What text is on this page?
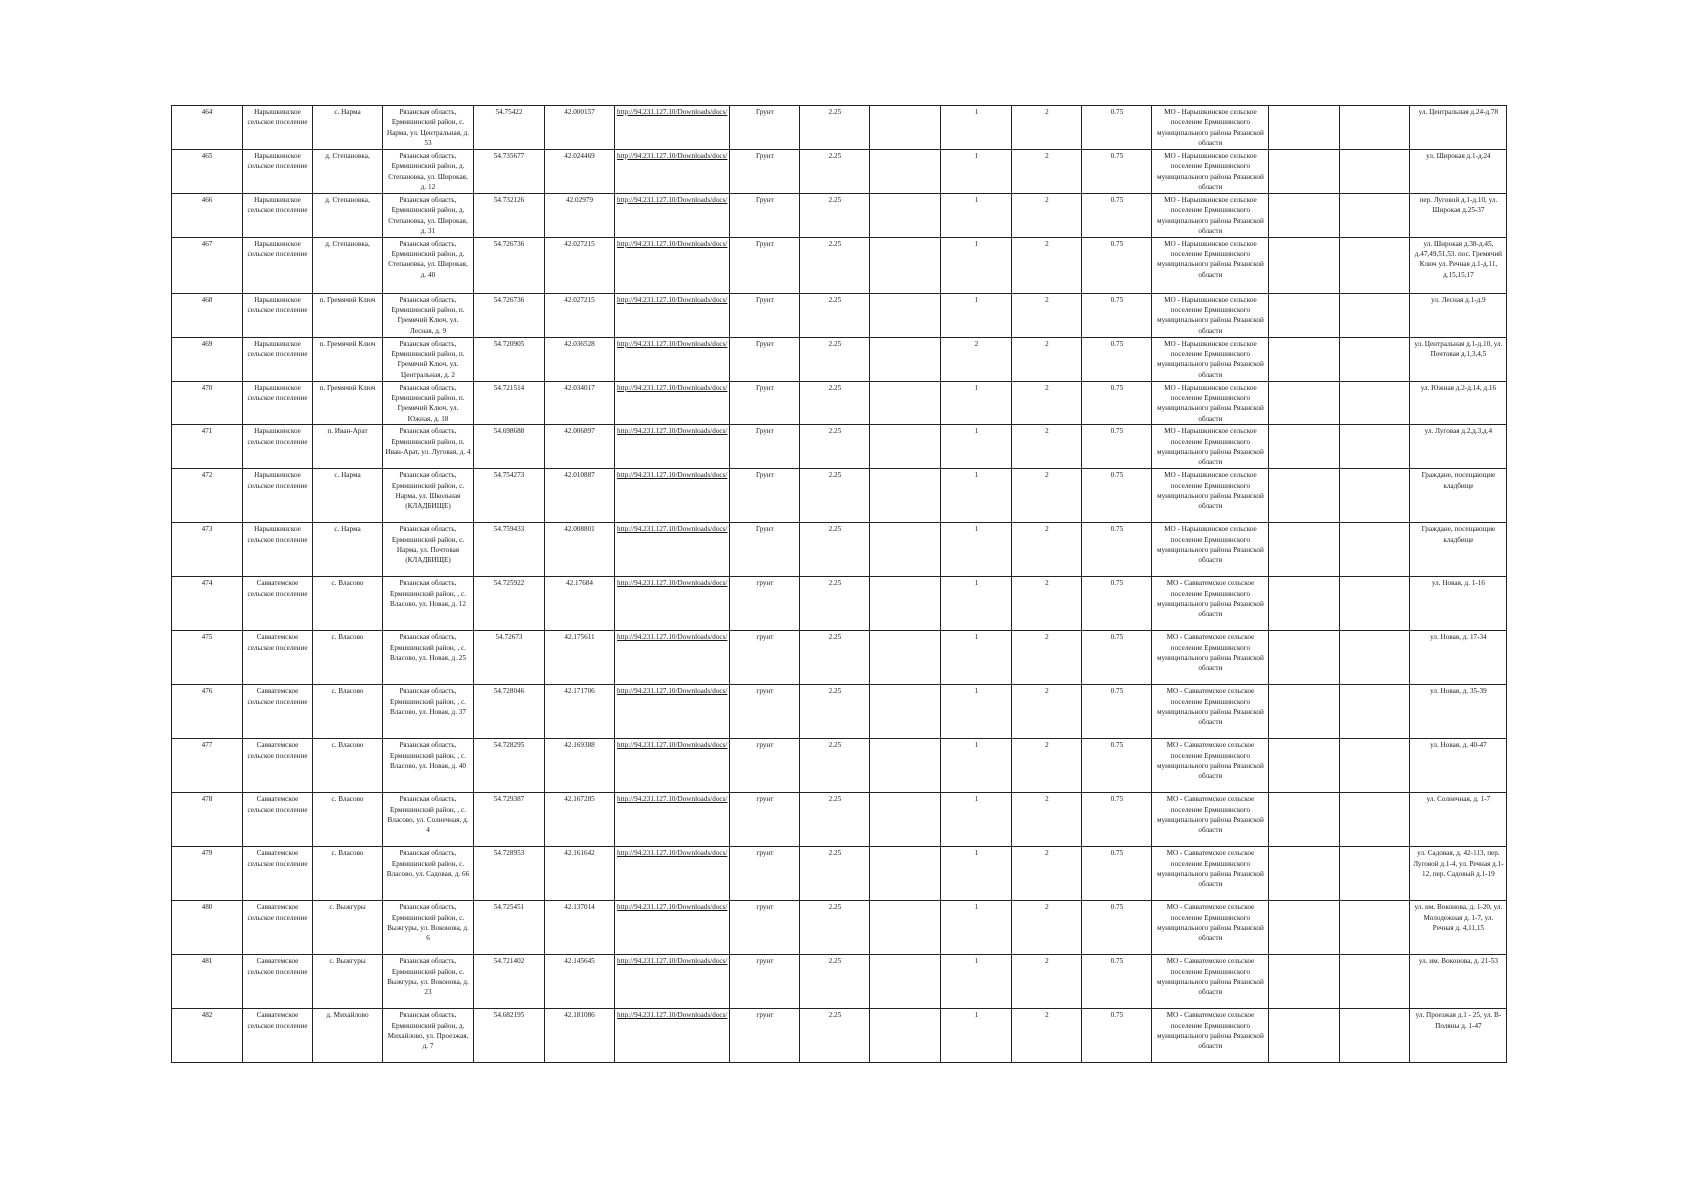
464	Нарышкинское сельское поселение	с. Нарма	Рязанская область, Ермишинский район, с. Нарма, ул. Центральная, д. 53	54.75422	42.000157	http://94.231.127.10/Downloads/docs/	Грунт	2.25		1	2	0.75	МО - Нарышкинское сельское поселение Ермишинского муниципального района Рязанской области			ул. Центральная д.24-д.78
465	Нарышкинское сельское поселение	д. Степановка,	Рязанская область, Ермишинский район, д. Степановка, ул. Широкая, д. 12	54.735677	42.024469	http://94.231.127.10/Downloads/docs/	Грунт	2.25		1	2	0.75	МО - Нарышкинское сельское поселение Ермишинского муниципального района Рязанской области			ул. Широкая д.1-д.24
466	Нарышкинское сельское поселение	д. Степановка,	Рязанская область, Ермишинский район, д. Степановка, ул. Широкая, д. 31	54.732126	42.02979	http://94.231.127.10/Downloads/docs/	Грунт	2.25		1	2	0.75	МО - Нарышкинское сельское поселение Ермишинского муниципального района Рязанской области			пер. Луговой д.1-д.10, ул. Широкая д.25-37
467	Нарышкинское сельское поселение	д. Степановка,	Рязанская область, Ермишинский район, д. Степановка, ул. Широкая, д. 40	54.726736	42.027215	http://94.231.127.10/Downloads/docs/	Грунт	2.25		1	2	0.75	МО - Нарышкинское сельское поселение Ермишинского муниципального района Рязанской области			ул. Широкая д.38-д.45, д.47,49,51,53. пос. Гремячий Ключ ул. Речная д.1-д.11, д.15,15,17
468	Нарышкинское сельское поселение	п. Гремячий Ключ	Рязанская область, Ермишинский район, п. Гремячий Ключ, ул. Лесная, д. 9	54.726736	42.027215	http://94.231.127.10/Downloads/docs/	Грунт	2.25		1	2	0.75	МО - Нарышкинское сельское поселение Ермишинского муниципального района Рязанской области			ул. Лесная д.1-д.9
469	Нарышкинское сельское поселение	п. Гремячий Ключ	Рязанская область, Ермишинский район, п. Гремячий Ключ, ул. Центральная, д. 2	54.720905	42.036528	http://94.231.127.10/Downloads/docs/	Грунт	2.25		2	2	0.75	МО - Нарышкинское сельское поселение Ермишинского муниципального района Рязанской области			ул. Центральная д.1-д.10, ул. Почтовая д.1,3,4,5
470	Нарышкинское сельское поселение	п. Гремячий Ключ	Рязанская область, Ермишинский район, п. Гремячий Ключ, ул. Южная, д. 18	54.721514	42.034017	http://94.231.127.10/Downloads/docs/	Грунт	2.25		1	2	0.75	МО - Нарышкинское сельское поселение Ермишинского муниципального района Рязанской области			ул. Южная д.2-д.14, д.16
471	Нарышкинское сельское поселение	п. Иван-Арат	Рязанская область, Ермишинский район, п. Иван-Арат, ул. Луговая, д. 4	54.698688	42.006897	http://94.231.127.10/Downloads/docs/	Грунт	2.25		1	2	0.75	МО - Нарышкинское сельское поселение Ермишинского муниципального района Рязанской области			ул. Луговая д.2,д.3,д.4
472	Нарышкинское сельское поселение	с. Нарма	Рязанская область, Ермишинский район, с. Нарма, ул. Школьная (КЛАДБИЩЕ)	54.754273	42.010887	http://94.231.127.10/Downloads/docs/	Грунт	2.25		1	2	0.75	МО - Нарышкинское сельское поселение Ермишинского муниципального района Рязанской области			Граждане, посещающие кладбище
473	Нарышкинское сельское поселение	с. Нарма	Рязанская область, Ермишинский район, с. Нарма, ул. Почтовая (КЛАДБИЩЕ)	54.759433	42.008801	http://94.231.127.10/Downloads/docs/	Грунт	2.25		1	2	0.75	МО - Нарышкинское сельское поселение Ермишинского муниципального района Рязанской области			Граждане, посещающие кладбище
474	Савватемское сельское поселение	с. Власово	Рязанская область, Ермишинский район, , с. Власово, ул. Новая, д. 12	54.725922	42.17684	http://94.231.127.10/Downloads/docs/	грунт	2.25		1	2	0.75	МО - Савватемское сельское поселение Ермишинского муниципального района Рязанской области			ул. Новая, д. 1-16
475	Савватемское сельское поселение	с. Власово	Рязанская область, Ермишинский район, , с. Власово, ул. Новая, д. 25	54.72673	42.175611	http://94.231.127.10/Downloads/docs/	грунт	2.25		1	2	0.75	МО - Савватемское сельское поселение Ермишинского муниципального района Рязанской области			ул. Новая, д. 17-34
476	Савватемское сельское поселение	с. Власово	Рязанская область, Ермишинский район, , с. Власово, ул. Новая, д. 37	54.728046	42.171706	http://94.231.127.10/Downloads/docs/	грунт	2.25		1	2	0.75	МО - Савватемское сельское поселение Ермишинского муниципального района Рязанской области			ул. Новая, д. 35-39
477	Савватемское сельское поселение	с. Власово	Рязанская область, Ермишинский район, , с. Власово, ул. Новая, д. 40	54.728295	42.169388	http://94.231.127.10/Downloads/docs/	грунт	2.25		1	2	0.75	МО - Савватемское сельское поселение Ермишинского муниципального района Рязанской области			ул. Новая, д. 40-47
478	Савватемское сельское поселение	с. Власово	Рязанская область, Ермишинский район, , с. Власово, ул. Солнечная, д. 4	54.729387	42.167285	http://94.231.127.10/Downloads/docs/	грунт	2.25		1	2	0.75	МО - Савватемское сельское поселение Ермишинского муниципального района Рязанской области			ул. Солнечная, д. 1-7
479	Савватемское сельское поселение	с. Власово	Рязанская область, Ермишинский район, с. Власово, ул. Садовая, д. 66	54.728953	42.161642	http://94.231.127.10/Downloads/docs/	грунт	2.25		1	2	0.75	МО - Савватемское сельское поселение Ермишинского муниципального района Рязанской области			ул. Садовая, д. 42-113, пер. Луговой д.1-4, ул. Речная д.1-12, пер. Садовый д.1-19
480	Савватемское сельское поселение	с. Выжгуры	Рязанская область, Ермишинский район, с. Выжгуры, ул. Воконова, д. 6	54.725451	42.137014	http://94.231.127.10/Downloads/docs/	грунт	2.25		1	2	0.75	МО - Савватемское сельское поселение Ермишинского муниципального района Рязанской области			ул. им. Воконова, д. 1-20, ул. Молодежная д. 1-7, ул. Речная д. 4,11,15
481	Савватемское сельское поселение	с. Выжгуры	Рязанская область, Ермишинский район, с. Выжгуры, ул. Воконова, д. 23	54.721402	42.145645	http://94.231.127.10/Downloads/docs/	грунт	2.25		1	2	0.75	МО - Савватемское сельское поселение Ермишинского муниципального района Рязанской области			ул. им. Воконова, д. 21-53
482	Савватемское сельское поселение	д. Михайлово	Рязанская область, Ермишинский район, д. Михайлово, ул. Проезжая, д. 7	54.682195	42.181086	http://94.231.127.10/Downloads/docs/	грунт	2.25		1	2	0.75	МО - Савватемское сельское поселение Ермишинского муниципального района Рязанской области			ул. Проезжая д.1 - 25, ул. В-Поляны д. 1-47
